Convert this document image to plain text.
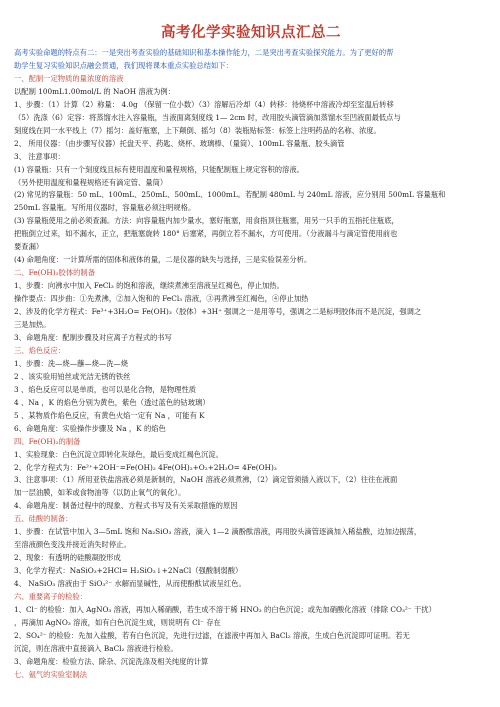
高考化学实验知识点汇总二

高考实验命题的特点有二：一是突出考查实验的基础知识和基本操作能力，二是突出考查实验探究能力。为了更好的帮

助学生复习实验知识点融会贯通，我们现将课本重点实验总结如下：

一、配制一定物质的量浓度的溶液

以配制 100mL1.00mol/L 的 NaOH 溶液为例：

1、步骤：（1）计算（2）称量： 4.0g （保留一位小数）（3）溶解后冷却（4）转移：待烧杯中溶液冷却至室温后转移

（5）洗涤（6）定容：将蒸馏水注入容量瓶，当液面离刻度线 1— 2cm 时，改用胶头滴管滴加蒸馏水至凹液面最低点与

刻度线在同一水平线上（7）摇匀：盖好瓶塞，上下颠倒、摇匀（8）装瓶贴标签：标签上注明药品的名称、浓度。

2、 所用仪器：（由步骤写仪器）托盘天平、药匙、烧杯、玻璃棒、（量筒）、100mL 容量瓶、胶头滴管

3、 注意事项：

(1) 容量瓶：只有一个刻度线且标有使用温度和量程规格，只能配制瓶上规定容积的溶液。

（另外使用温度和量程规格还有滴定管、量筒）

(2) 常见的容量瓶：50 mL、100mL、250mL、500mL、1000mL。若配制 480mL 与 240mL 溶液，应分别用 500mL 容量瓶和

250mL 容量瓶。写所用仪器时，容量瓶必须注明规格。

(3) 容量瓶使用之前必须查漏。方法：向容量瓶内加少量水，塞好瓶塞，用食指顶住瓶塞，用另一只手的五指托住瓶底，

把瓶倒立过来，如不漏水，正立，把瓶塞旋转 180° 后塞紧，再倒立若不漏水，方可使用。（分液漏斗与滴定管使用前也

要查漏）

(4) 命题角度：一计算所需的固体和液体的量，二是仪器的缺失与选择，三是实验误差分析。

二、Fe(OH)₃胶体的制备

1、步骤：向沸水中加入 FeCl₃ 的饱和溶液，继续煮沸至溶液呈红褐色，停止加热。

操作要点：四步曲：①先煮沸，②加入饱和的 FeCl₃ 溶液，③再煮沸至红褐色，④停止加热

2、涉及的化学方程式：Fe³⁺+3H₂O= Fe(OH)₃（胶体）+3H⁺ 强调之一是用等号，强调之二是标明胶体而不是沉淀，强调之

三是加热。

3、命题角度：配制步骤及对应离子方程式的书写

三、焰色反应：

1、步骤：洗—烧—蘸—烧—洗—烧

2 、该实验用铂丝或光洁无锈的铁丝

3 、焰色反应可以是单质，也可以是化合物，是物理性质

4 、Na ，K 的焰色分别为黄色，紫色（透过蓝色的钴玻璃）

5 、某物质作焰色反应，有黄色火焰一定有 Na ，可能有 K

6、命题角度：实验操作步骤及 Na ，K 的焰色

四、Fe(OH)₂的制备

1、实验现象：白色沉淀立即转化灰绿色，最后变成红褐色沉淀。

2、化学方程式为：Fe²⁺+2OH⁻=Fe(OH)₂ 4Fe(OH)₂+O₂+2H₂O= 4Fe(OH)₃

3、注意事项：（1）所用亚铁盐溶液必须是新制的，NaOH 溶液必须煮沸，（2）滴定管须插入液以下，（2）往往在液面

加一层油膜，如苯或食物油等（以防止氧气的氧化）。

4、命题角度：制备过程中的现象、方程式书写及有关采取措施的原因

五、硅酸的制备：

1、步骤：在试管中加入 3—5mL 饱和 Na₂SiO₃ 溶液，滴入 1—2 滴酚酞溶液，再用胶头滴管逐滴加入稀盐酸，边加边振荡，

至溶液颜色变浅并接近消失时停止。

2、现象：有透明的硅酸凝胶形成

3、化学方程式：NaSiO₃+2HCl= H₂SiO₃↓+2NaCl（强酸制弱酸）

4、 NaSiO₃ 溶液由于 SiO₃²⁻ 水解而显碱性，从而使酚酞试液呈红色。

六、重要离子的检验：

1、Cl⁻ 的检验：加入 AgNO₃ 溶液，再加入稀硝酸，若生成不溶于稀 HNO₃ 的白色沉淀；或先加硝酸化溶液（排除 CO₃²⁻ 干扰）

，再滴加 AgNO₃ 溶液，如有白色沉淀生成，则说明有 Cl⁻ 存在

2、SO₄²⁻ 的检验：先加入盐酸，若有白色沉淀，先进行过滤，在滤液中再加入 BaCl₂ 溶液，生成白色沉淀即可证明。若无

沉淀，则在溶液中直接滴入 BaCl₂ 溶液进行检验。

3、命题角度：检验方法、除杂、沉淀洗涤及相关纯度的计算

七、氨气的实验室制法
